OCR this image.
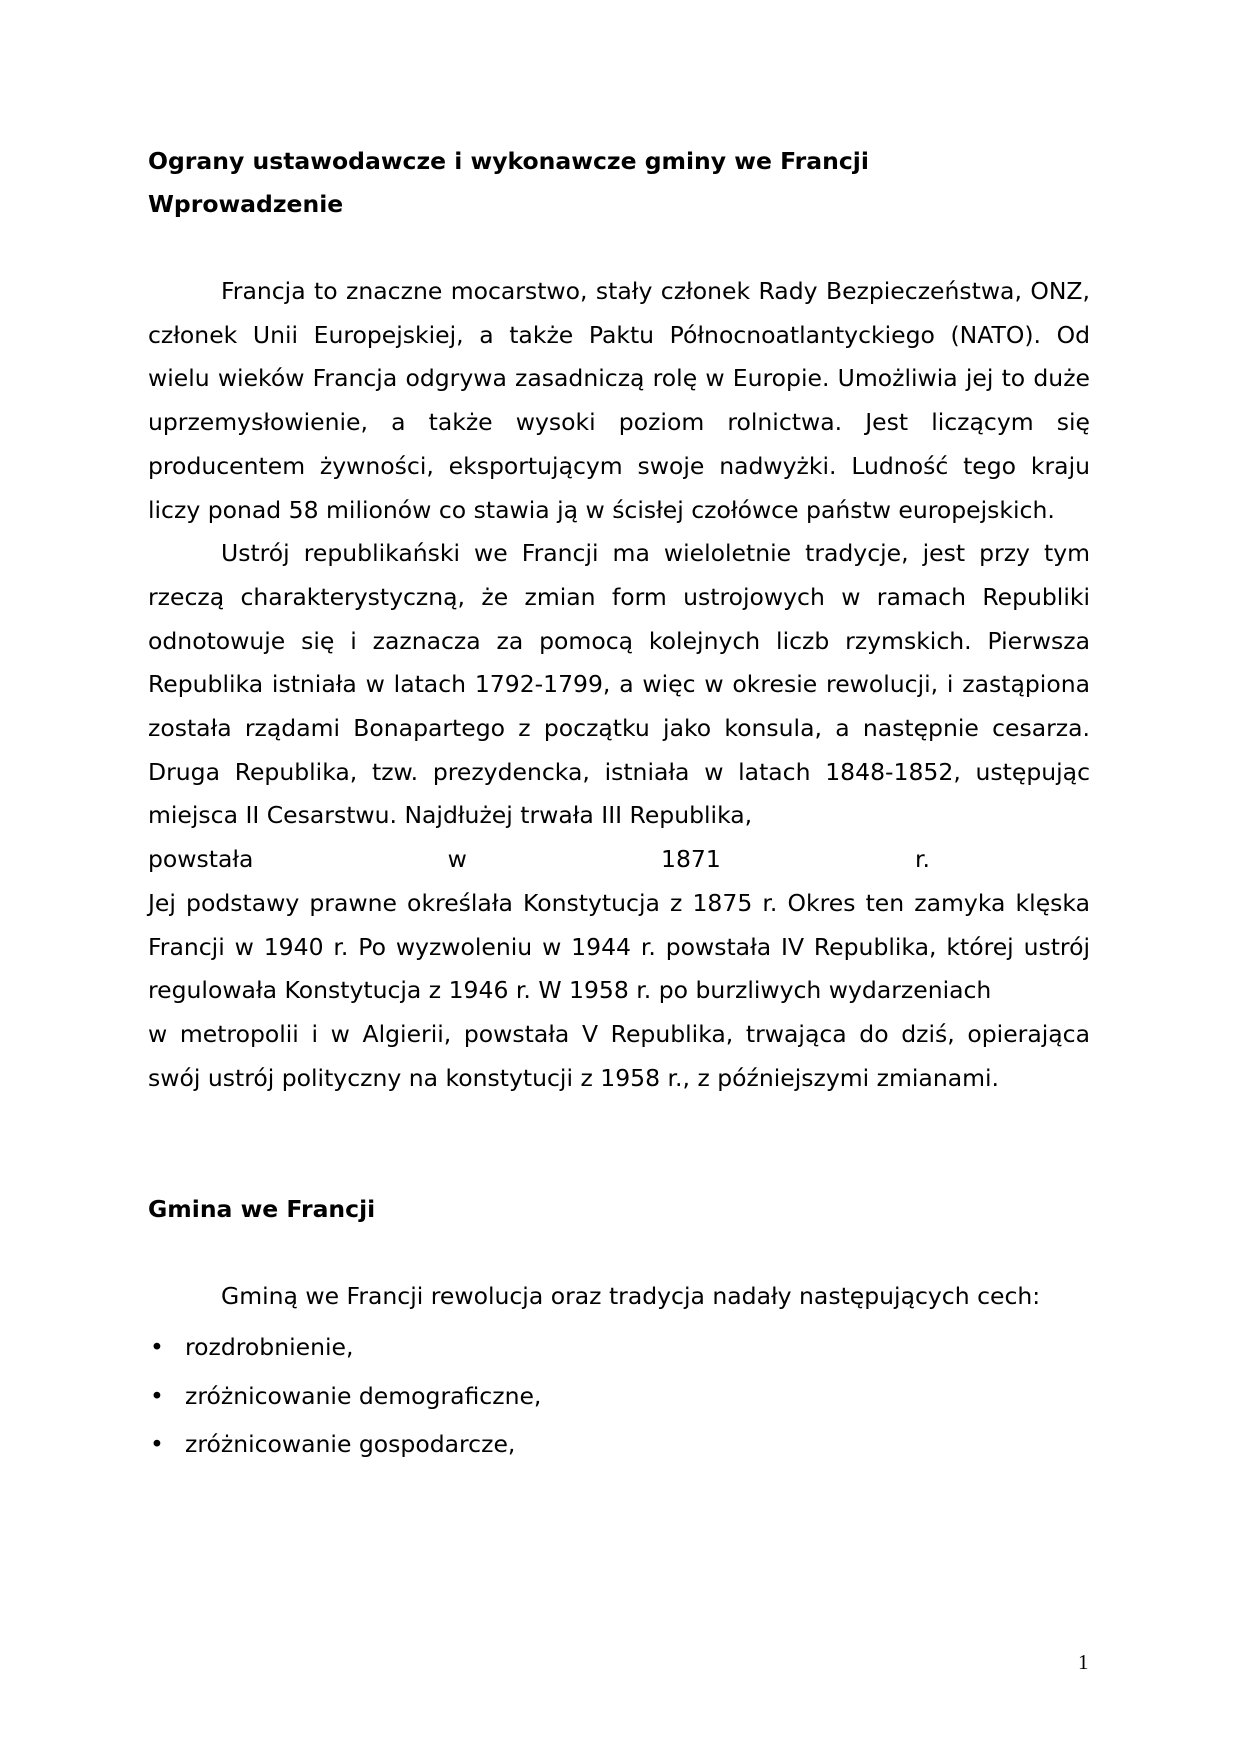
Ograny ustawodawcze i wykonawcze gminy we Francji
Wprowadzenie

Francja to znaczne mocarstwo, stały członek Rady Bezpieczeństwa, ONZ, członek Unii Europejskiej, a także Paktu Północnoatlantyckiego (NATO). Od wielu wieków Francja odgrywa zasadniczą rolę w Europie. Umożliwia jej to duże uprzemysłowienie, a także wysoki poziom rolnictwa. Jest liczącym się producentem żywności, eksportującym swoje nadwyżki. Ludność tego kraju liczy ponad 58 milionów co stawia ją w ścisłej czołówce państw europejskich.

Ustrój republikański we Francji ma wieloletnie tradycje, jest przy tym rzeczą charakterystyczną, że zmian form ustrojowych w ramach Republiki odnotowuje się i zaznacza za pomocą kolejnych liczb rzymskich. Pierwsza Republika istniała w latach 1792-1799, a więc w okresie rewolucji, i zastąpiona została rządami Bonapartego z początku jako konsula, a następnie cesarza. Druga Republika, tzw. prezydencka, istniała w latach 1848-1852, ustępując miejsca II Cesarstwu. Najdłużej trwała III Republika,

powstała	w	1871	r.

Jej podstawy prawne określała Konstytucja z 1875 r. Okres ten zamyka klęska Francji w 1940 r. Po wyzwoleniu w 1944 r. powstała IV Republika, której ustrój regulowała Konstytucja z 1946 r. W 1958 r. po burzliwych wydarzeniach

w metropolii i w Algierii, powstała V Republika, trwająca do dziś, opierająca swój ustrój polityczny na konstytucji z 1958 r., z późniejszymi zmianami.

Gmina we Francji

Gminą we Francji rewolucja oraz tradycja nadały następujących cech:

• rozdrobnienie,
• zróżnicowanie demograficzne,
• zróżnicowanie gospodarcze,
1
